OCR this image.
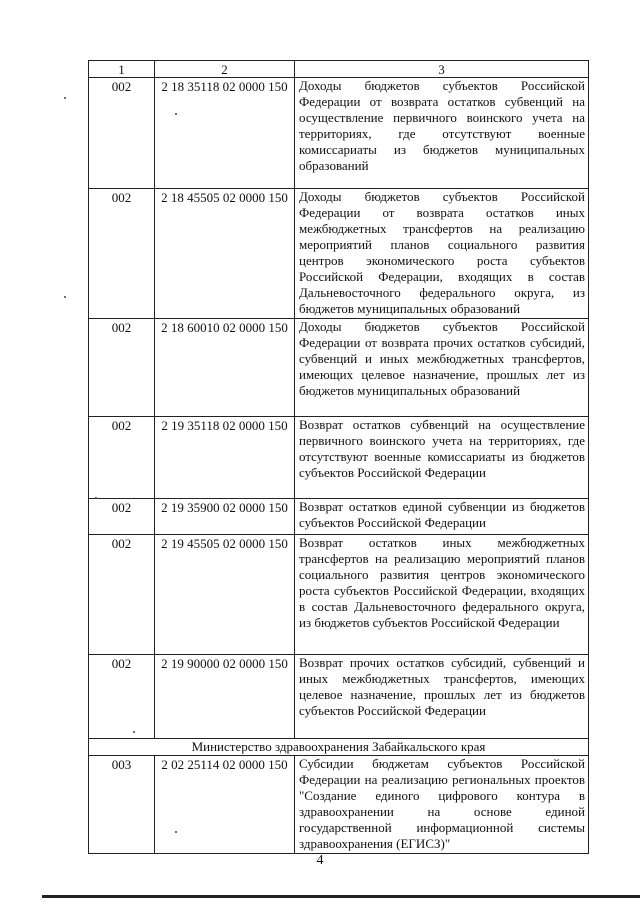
1	2	3
002	2 18 35118 02 0000 150	Доходы бюджетов субъектов Российской Федерации от возврата остатков субвенций на осуществление первичного воинского учета на территориях, где отсутствуют военные комиссариаты из бюджетов муниципальных образований
002	2 18 45505 02 0000 150	Доходы бюджетов субъектов Российской Федерации от возврата остатков иных межбюджетных трансфертов на реализацию мероприятий планов социального развития центров экономического роста субъектов Российской Федерации, входящих в состав Дальневосточного федерального округа, из бюджетов муниципальных образований
002	2 18 60010 02 0000 150	Доходы бюджетов субъектов Российской Федерации от возврата прочих остатков субсидий, субвенций и иных межбюджетных трансфертов, имеющих целевое назначение, прошлых лет из бюджетов муниципальных образований
002	2 19 35118 02 0000 150	Возврат остатков субвенций на осуществление первичного воинского учета на территориях, где отсутствуют военные комиссариаты из бюджетов субъектов Российской Федерации
002	2 19 35900 02 0000 150	Возврат остатков единой субвенции из бюджетов субъектов Российской Федерации
002	2 19 45505 02 0000 150	Возврат остатков иных межбюджетных трансфертов на реализацию мероприятий планов социального развития центров экономического роста субъектов Российской Федерации, входящих в состав Дальневосточного федерального округа, из бюджетов субъектов Российской Федерации
002	2 19 90000 02 0000 150	Возврат прочих остатков субсидий, субвенций и иных межбюджетных трансфертов, имеющих целевое назначение, прошлых лет из бюджетов субъектов Российской Федерации
Министерство здравоохранения Забайкальского края		
003	2 02 25114 02 0000 150	Субсидии бюджетам субъектов Российской Федерации на реализацию региональных проектов "Создание единого цифрового контура в здравоохранении на основе единой государственной информационной системы здравоохранения (ЕГИСЗ)"
4
